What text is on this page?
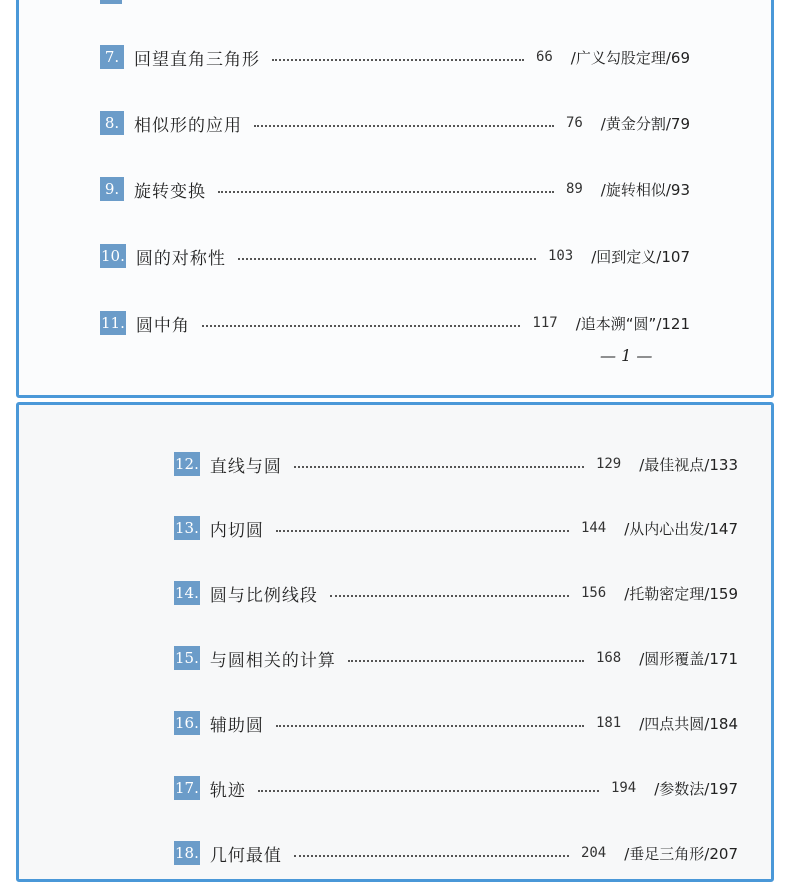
7. 回望直角三角形	66 /广义勾股定理/69
8. 相似形的应用	76 /黄金分割/79
9. 旋转变换	89 /旋转相似/93
10. 圆的对称性	103 /回到定义/107
11. 圆中角	117 /追本溯“圆”/121
— 1 —
12. 直线与圆	129 /最佳视点/133
13. 内切圆	144 /从内心出发/147
14. 圆与比例线段	156 /托勒密定理/159
15. 与圆相关的计算	168 /圆形覆盖/171
16. 辅助圆	181 /四点共圆/184
17. 轨迹	194 /参数法/197
18. 几何最值	204 /垂足三角形/207
